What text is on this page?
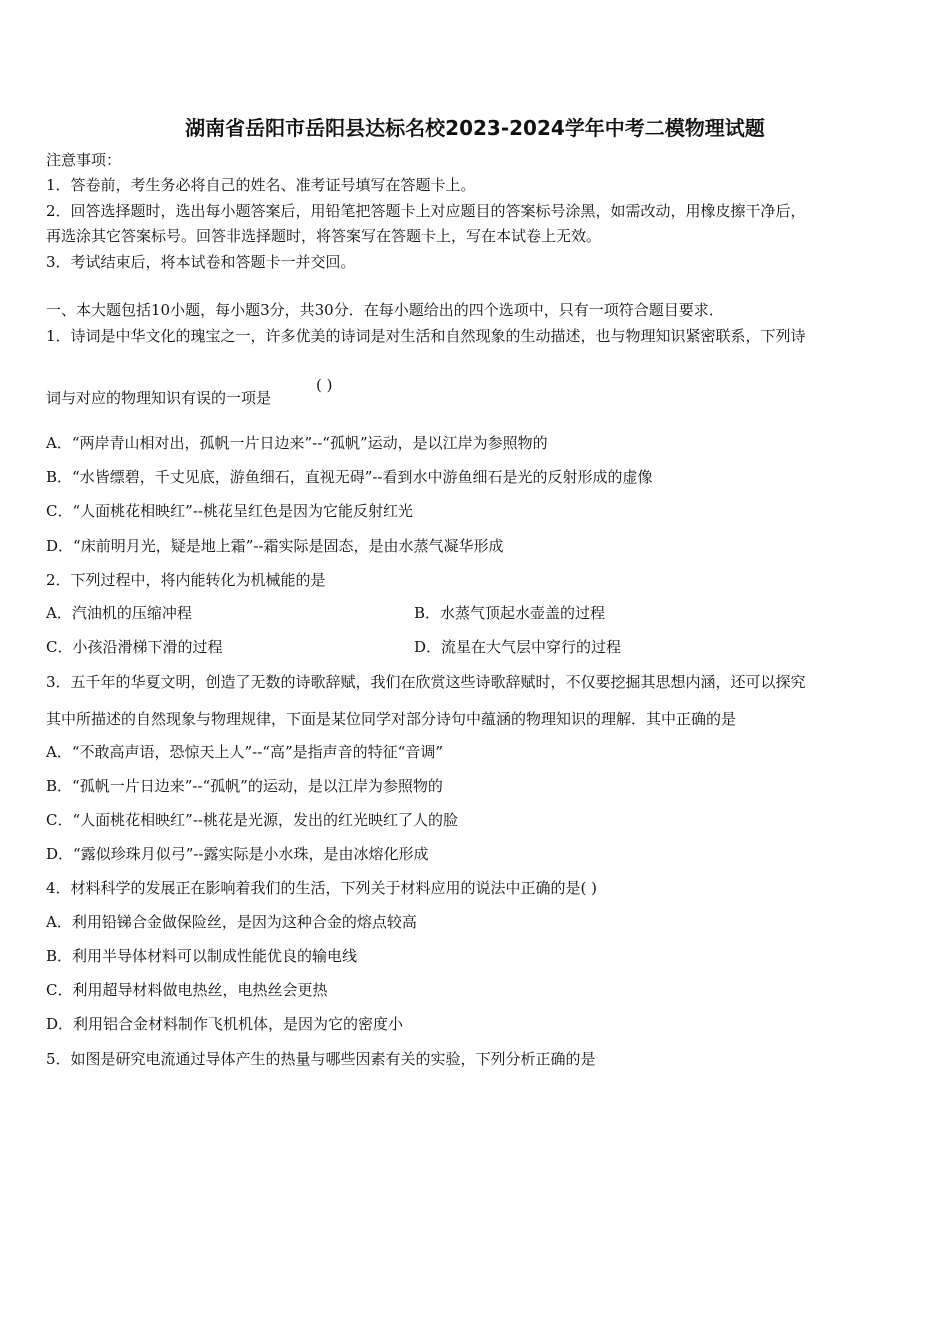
湖南省岳阳市岳阳县达标名校2023-2024学年中考二模物理试题
注意事项：
1．答卷前，考生务必将自己的姓名、准考证号填写在答题卡上。
2．回答选择题时，选出每小题答案后，用铅笔把答题卡上对应题目的答案标号涂黑，如需改动，用橡皮擦干净后，
再选涂其它答案标号。回答非选择题时，将答案写在答题卡上，写在本试卷上无效。
3．考试结束后，将本试卷和答题卡一并交回。
一、本大题包括10小题，每小题3分，共30分．在每小题给出的四个选项中，只有一项符合题目要求．
1．诗词是中华文化的瑰宝之一，许多优美的诗词是对生活和自然现象的生动描述，也与物理知识紧密联系，下列诗
词与对应的物理知识有误的一项是
( )
A．“两岸青山相对出，孤帆一片日边来”--“孤帆”运动，是以江岸为参照物的
B．“水皆缥碧，千丈见底，游鱼细石，直视无碍”--看到水中游鱼细石是光的反射形成的虚像
C．“人面桃花相映红”--桃花呈红色是因为它能反射红光
D．“床前明月光，疑是地上霜”--霜实际是固态，是由水蒸气凝华形成
2．下列过程中，将内能转化为机械能的是
A．汽油机的压缩冲程	B．水蒸气顶起水壶盖的过程
C．小孩沿滑梯下滑的过程	D．流星在大气层中穿行的过程
3．五千年的华夏文明，创造了无数的诗歌辞赋，我们在欣赏这些诗歌辞赋时，不仅要挖掘其思想内涵，还可以探究
其中所描述的自然现象与物理规律，下面是某位同学对部分诗句中蕴涵的物理知识的理解．其中正确的是
A．“不敢高声语，恐惊天上人”--“高”是指声音的特征“音调”
B．“孤帆一片日边来”--“孤帆”的运动，是以江岸为参照物的
C．“人面桃花相映红”--桃花是光源，发出的红光映红了人的脸
D．“露似珍珠月似弓”--露实际是小水珠，是由冰熔化形成
4．材料科学的发展正在影响着我们的生活，下列关于材料应用的说法中正确的是( )
A．利用铅锑合金做保险丝，是因为这种合金的熔点较高
B．利用半导体材料可以制成性能优良的输电线
C．利用超导材料做电热丝，电热丝会更热
D．利用铝合金材料制作飞机机体，是因为它的密度小
5．如图是研究电流通过导体产生的热量与哪些因素有关的实验，下列分析正确的是
